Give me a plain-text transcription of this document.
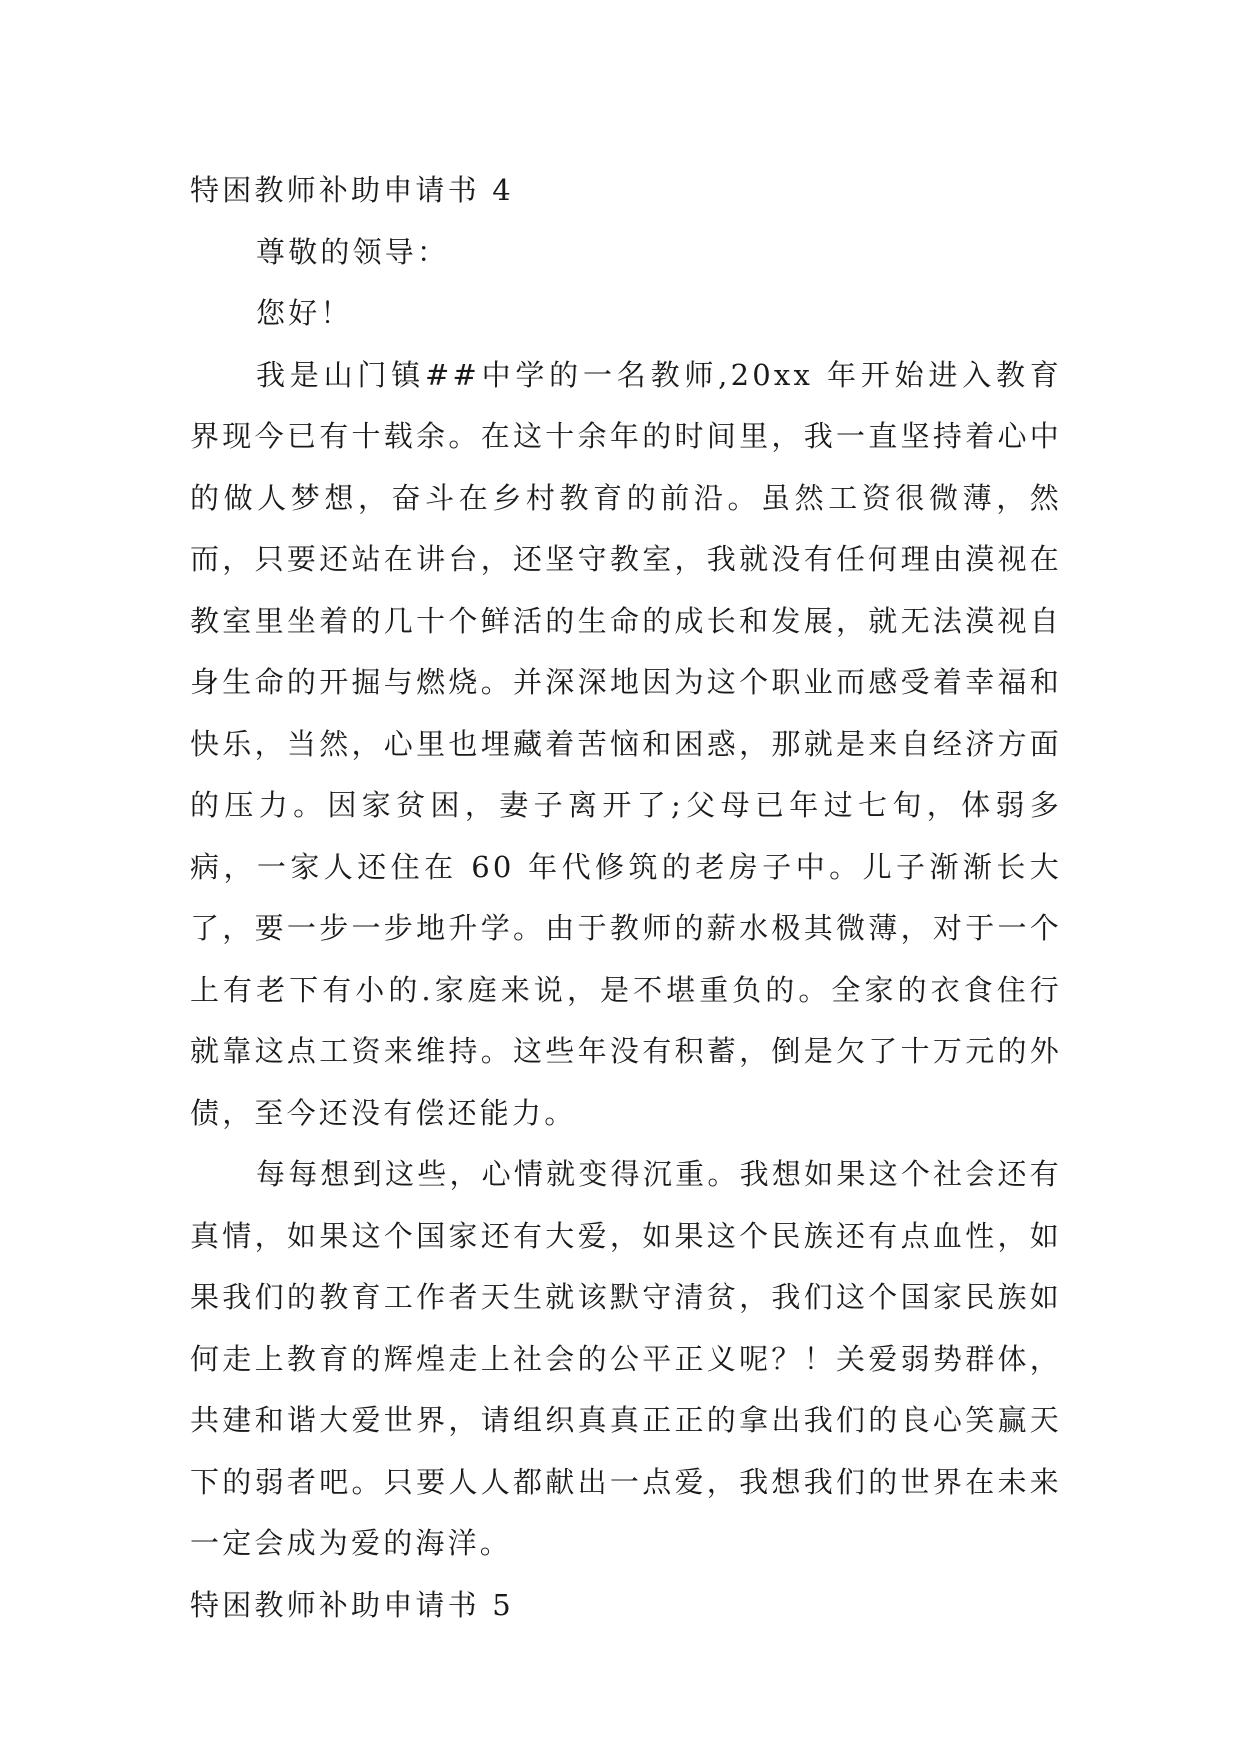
特困教师补助申请书 4
尊敬的领导：
您好！

我是山门镇##中学的一名教师,20xx 年开始进入教育界现今已有十载余。在这十余年的时间里，我一直坚持着心中的做人梦想，奋斗在乡村教育的前沿。虽然工资很微薄，然而，只要还站在讲台，还坚守教室，我就没有任何理由漠视在教室里坐着的几十个鲜活的生命的成长和发展，就无法漠视自身生命的开掘与燃烧。并深深地因为这个职业而感受着幸福和快乐，当然，心里也埋藏着苦恼和困惑，那就是来自经济方面的压力。因家贫困，妻子离开了;父母已年过七旬，体弱多病，一家人还住在 60 年代修筑的老房子中。儿子渐渐长大了，要一步一步地升学。由于教师的薪水极其微薄，对于一个上有老下有小的.家庭来说，是不堪重负的。全家的衣食住行就靠这点工资来维持。这些年没有积蓄，倒是欠了十万元的外债，至今还没有偿还能力。

每每想到这些，心情就变得沉重。我想如果这个社会还有真情，如果这个国家还有大爱，如果这个民族还有点血性，如果我们的教育工作者天生就该默守清贫，我们这个国家民族如何走上教育的辉煌走上社会的公平正义呢？！关爱弱势群体，共建和谐大爱世界，请组织真真正正的拿出我们的良心笑赢天下的弱者吧。只要人人都献出一点爱，我想我们的世界在未来一定会成为爱的海洋。

特困教师补助申请书 5
